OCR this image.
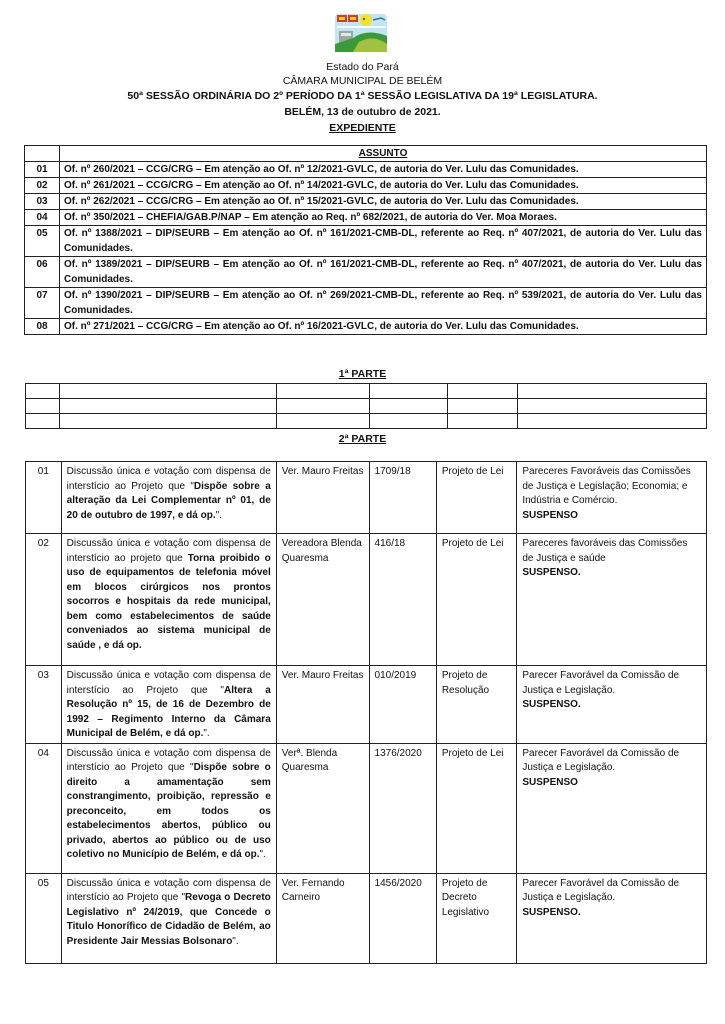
Estado do Pará
CÂMARA MUNICIPAL DE BELÉM
50ª SESSÃO ORDINÁRIA DO 2º PERÍODO DA 1ª SESSÃO LEGISLATIVA DA 19ª LEGISLATURA.
BELÉM, 13 de outubro de 2021.
EXPEDIENTE
	ASSUNTO
01	Of. nº 260/2021 – CCG/CRG – Em atenção ao Of. nº 12/2021-GVLC, de autoria do Ver. Lulu das Comunidades.
02	Of. nº 261/2021 – CCG/CRG – Em atenção ao Of. nº 14/2021-GVLC, de autoria do Ver. Lulu das Comunidades.
03	Of. nº 262/2021 – CCG/CRG – Em atenção ao Of. nº 15/2021-GVLC, de autoria do Ver. Lulu das Comunidades.
04	Of. nº 350/2021 – CHEFIA/GAB.P/NAP – Em atenção ao Req. nº 682/2021, de autoria do Ver. Moa Moraes.
05	Of. nº 1388/2021 – DIP/SEURB – Em atenção ao Of. nº 161/2021-CMB-DL, referente ao Req. nº 407/2021, de autoria do Ver. Lulu das Comunidades.
06	Of. nº 1389/2021 – DIP/SEURB – Em atenção ao Of. nº 161/2021-CMB-DL, referente ao Req. nº 407/2021, de autoria do Ver. Lulu das Comunidades.
07	Of. nº 1390/2021 – DIP/SEURB – Em atenção ao Of. nº 269/2021-CMB-DL, referente ao Req. nº 539/2021, de autoria do Ver. Lulu das Comunidades.
08	Of. nº 271/2021 – CCG/CRG – Em atenção ao Of. nº 16/2021-GVLC, de autoria do Ver. Lulu das Comunidades.
1ª PARTE

2ª PARTE
01	Discussão única e votação com dispensa de interstício ao Projeto que "Dispõe sobre a alteração da Lei Complementar nº 01, de 20 de outubro de 1997, e dá op.".	Ver. Mauro Freitas	1709/18	Projeto de Lei	Pareceres Favoráveis das Comissões de Justiça e Legislação; Economia; e Indústria e Comércio.
SUSPENSO
02	Discussão única e votação com dispensa de interstício ao projeto que Torna proibido o uso de equipamentos de telefonia móvel em blocos cirúrgicos nos prontos socorros e hospitais da rede municipal, bem como estabelecimentos de saúde conveniados ao sistema municipal de saúde , e dá op.	Vereadora Blenda Quaresma	416/18	Projeto de Lei	Pareceres favoráveis das Comissões de Justiça e saúde
SUSPENSO.
03	Discussão única e votação com dispensa de interstício ao Projeto que "Altera a Resolução nº 15, de 16 de Dezembro de 1992 – Regimento Interno da Câmara Municipal de Belém, e dá op.".	Ver. Mauro Freitas	010/2019	Projeto de Resolução	Parecer Favorável da Comissão de Justiça e Legislação.
SUSPENSO.
04	Discussão única e votação com dispensa de interstício ao Projeto que "Dispõe sobre o direito a amamentação sem constrangimento, proibição, repressão e preconceito, em todos os estabelecimentos abertos, público ou privado, abertos ao público ou de uso coletivo no Município de Belém, e dá op.".	Verª. Blenda Quaresma	1376/2020	Projeto de Lei	Parecer Favorável da Comissão de Justiça e Legislação.
SUSPENSO
05	Discussão única e votação com dispensa de interstício ao Projeto que "Revoga o Decreto Legislativo nº 24/2019, que Concede o Titulo Honorífico de Cidadão de Belém, ao Presidente Jair Messias Bolsonaro".	Ver. Fernando Carneiro	1456/2020	Projeto de Decreto Legislativo	Parecer Favorável da Comissão de Justiça e Legislação.
SUSPENSO.
